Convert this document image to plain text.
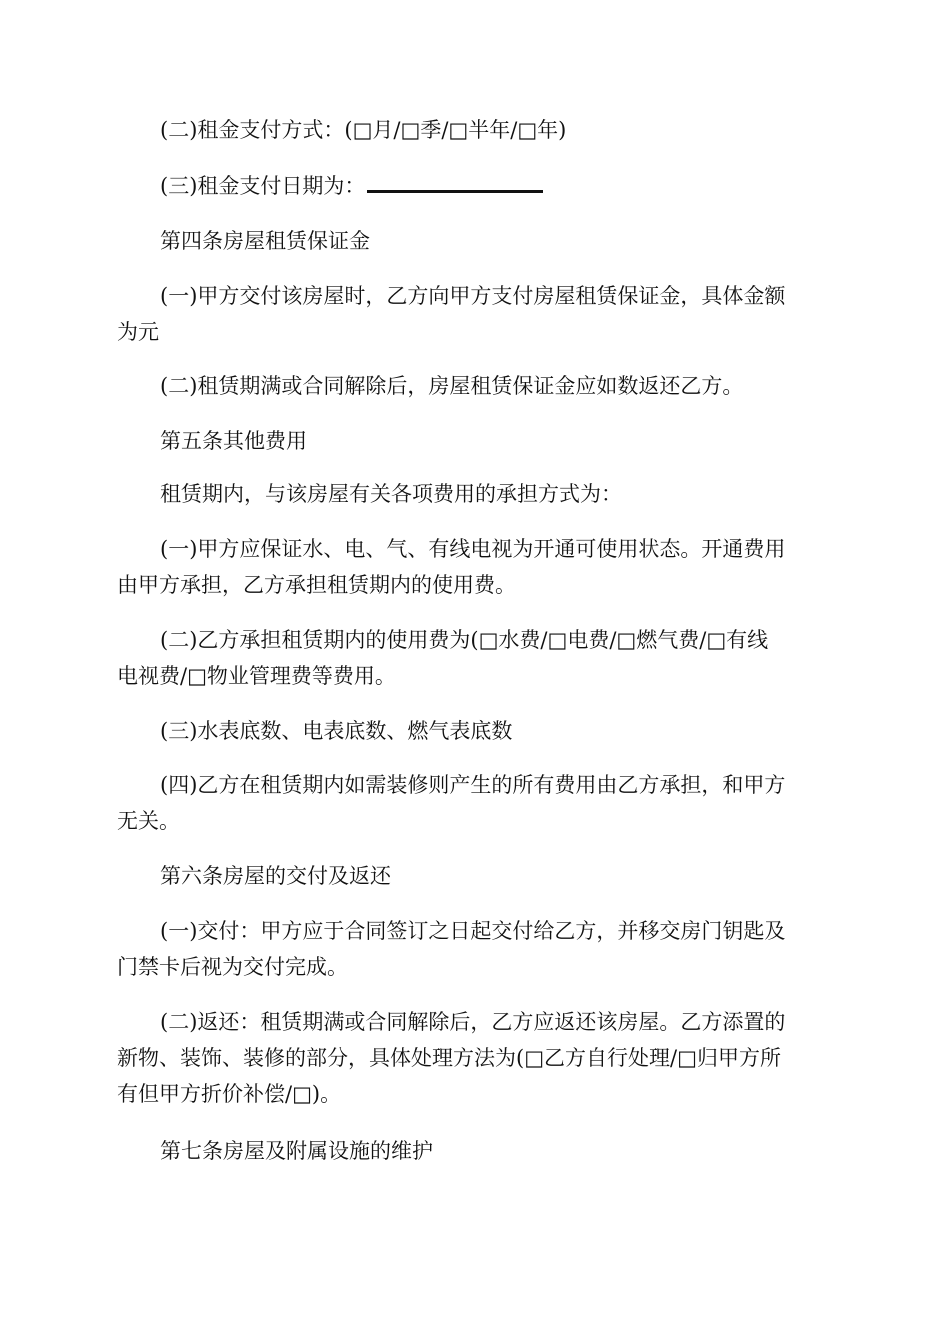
(二)租金支付方式：(□月/□季/□半年/□年)

(三)租金支付日期为：

第四条房屋租赁保证金

(一)甲方交付该房屋时，乙方向甲方支付房屋租赁保证金，具体金额

为元

(二)租赁期满或合同解除后，房屋租赁保证金应如数返还乙方。

第五条其他费用

租赁期内，与该房屋有关各项费用的承担方式为：

(一)甲方应保证水、电、气、有线电视为开通可使用状态。开通费用

由甲方承担，乙方承担租赁期内的使用费。

(二)乙方承担租赁期内的使用费为(□水费/□电费/□燃气费/□有线

电视费/□物业管理费等费用。

(三)水表底数、电表底数、燃气表底数

(四)乙方在租赁期内如需装修则产生的所有费用由乙方承担，和甲方

无关。

第六条房屋的交付及返还

(一)交付：甲方应于合同签订之日起交付给乙方，并移交房门钥匙及

门禁卡后视为交付完成。

(二)返还：租赁期满或合同解除后，乙方应返还该房屋。乙方添置的

新物、装饰、装修的部分，具体处理方法为(□乙方自行处理/□归甲方所

有但甲方折价补偿/□)。

第七条房屋及附属设施的维护
